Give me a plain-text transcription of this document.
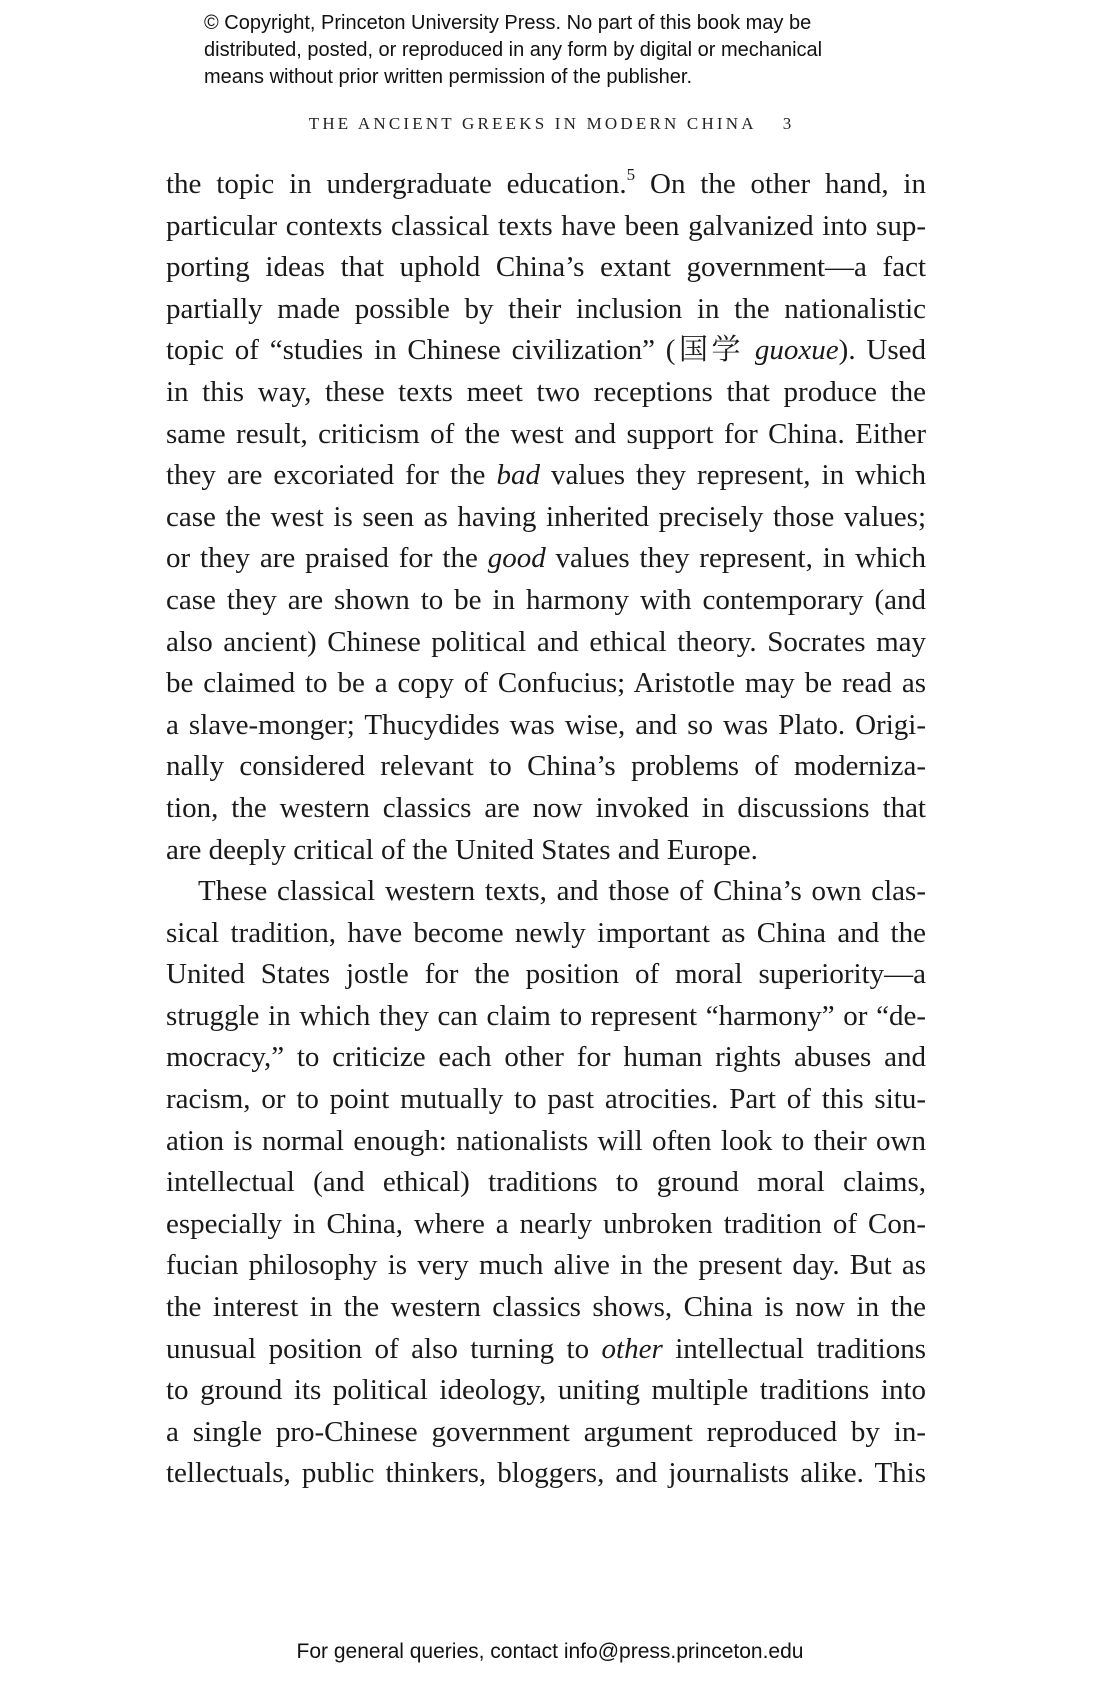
© Copyright, Princeton University Press. No part of this book may be
distributed, posted, or reproduced in any form by digital or mechanical
means without prior written permission of the publisher.
THE ANCIENT GREEKS IN MODERN CHINA 3
the topic in undergraduate education.$^5$ On the other hand, in
particular contexts classical texts have been galvanized into sup-
porting ideas that uphold China’s extant government—a fact
partially made possible by their inclusion in the nationalistic
topic of “studies in Chinese civilization” (国学 guoxue). Used
in this way, these texts meet two receptions that produce the
same result, criticism of the west and support for China. Either
they are excoriated for the bad values they represent, in which
case the west is seen as having inherited precisely those values;
or they are praised for the good values they represent, in which
case they are shown to be in harmony with contemporary (and
also ancient) Chinese political and ethical theory. Socrates may
be claimed to be a copy of Confucius; Aristotle may be read as
a slave-monger; Thucydides was wise, and so was Plato. Origi-
nally considered relevant to China’s problems of moderniza-
tion, the western classics are now invoked in discussions that
are deeply critical of the United States and Europe.
These classical western texts, and those of China’s own clas-
sical tradition, have become newly important as China and the
United States jostle for the position of moral superiority—a
struggle in which they can claim to represent “harmony” or “de-
mocracy,” to criticize each other for human rights abuses and
racism, or to point mutually to past atrocities. Part of this situ-
ation is normal enough: nationalists will often look to their own
intellectual (and ethical) traditions to ground moral claims,
especially in China, where a nearly unbroken tradition of Con-
fucian philosophy is very much alive in the present day. But as
the interest in the western classics shows, China is now in the
unusual position of also turning to other intellectual traditions
to ground its political ideology, uniting multiple traditions into
a single pro-Chinese government argument reproduced by in-
tellectuals, public thinkers, bloggers, and journalists alike. This
For general queries, contact info@press.princeton.edu
